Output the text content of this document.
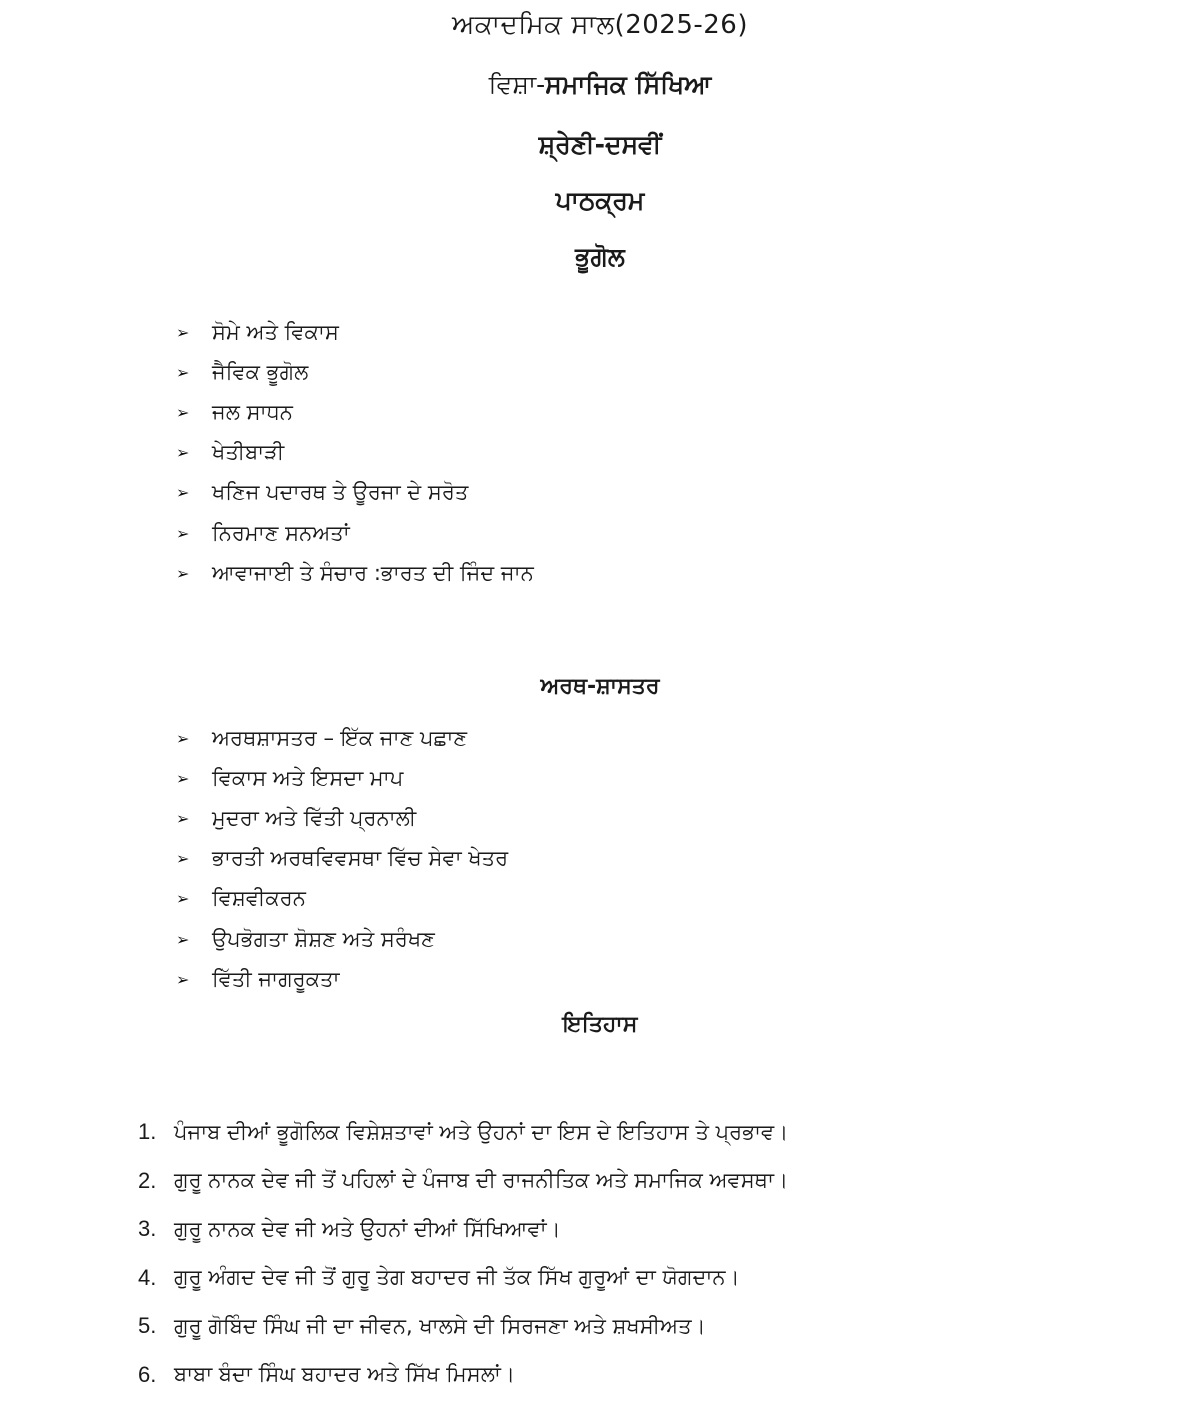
ਅਕਾਦਮਿਕ ਸਾਲ(2025-26)
ਵਿਸ਼ਾ-ਸਮਾਜਿਕ ਸਿੱਖਿਆ
ਸ਼੍ਰੇਣੀ-ਦਸਵੀਂ
ਪਾਠਕ੍ਰਮ
ਭੂਗੋਲ
➢	ਸੋਮੇ ਅਤੇ ਵਿਕਾਸ
➢	ਜੈਵਿਕ ਭੂਗੋਲ
➢	ਜਲ ਸਾਧਨ
➢	ਖੇਤੀਬਾੜੀ
➢	ਖਣਿਜ ਪਦਾਰਥ ਤੇ ਊਰਜਾ ਦੇ ਸਰੋਤ
➢	ਨਿਰਮਾਣ ਸਨਅਤਾਂ
➢	ਆਵਾਜਾਈ ਤੇ ਸੰਚਾਰ :ਭਾਰਤ ਦੀ ਜਿੰਦ ਜਾਨ
ਅਰਥ-ਸ਼ਾਸਤਰ
➢	ਅਰਥਸ਼ਾਸਤਰ – ਇੱਕ ਜਾਣ ਪਛਾਣ
➢	ਵਿਕਾਸ ਅਤੇ ਇਸਦਾ ਮਾਪ
➢	ਮੁਦਰਾ ਅਤੇ ਵਿੱਤੀ ਪ੍ਰਨਾਲੀ
➢	ਭਾਰਤੀ ਅਰਥਵਿਵਸਥਾ ਵਿੱਚ ਸੇਵਾ ਖੇਤਰ
➢	ਵਿਸ਼ਵੀਕਰਨ
➢	ਉਪਭੋਗਤਾ ਸ਼ੋਸ਼ਣ ਅਤੇ ਸਰੰਖਣ
➢	ਵਿੱਤੀ ਜਾਗਰੂਕਤਾ
ਇਤਿਹਾਸ
1. ਪੰਜਾਬ ਦੀਆਂ ਭੂਗੋਲਿਕ ਵਿਸ਼ੇਸ਼ਤਾਵਾਂ ਅਤੇ ਉਹਨਾਂ ਦਾ ਇਸ ਦੇ ਇਤਿਹਾਸ ਤੇ ਪ੍ਰਭਾਵ।
2. ਗੁਰੂ ਨਾਨਕ ਦੇਵ ਜੀ ਤੋਂ ਪਹਿਲਾਂ ਦੇ ਪੰਜਾਬ ਦੀ ਰਾਜਨੀਤਿਕ ਅਤੇ ਸਮਾਜਿਕ ਅਵਸਥਾ।
3. ਗੁਰੂ ਨਾਨਕ ਦੇਵ ਜੀ ਅਤੇ ਉਹਨਾਂ ਦੀਆਂ ਸਿੱਖਿਆਵਾਂ।
4. ਗੁਰੂ ਅੰਗਦ ਦੇਵ ਜੀ ਤੋਂ ਗੁਰੂ ਤੇਗ ਬਹਾਦਰ ਜੀ ਤੱਕ ਸਿੱਖ ਗੁਰੂਆਂ ਦਾ ਯੋਗਦਾਨ।
5. ਗੁਰੂ ਗੋਬਿੰਦ ਸਿੰਘ ਜੀ ਦਾ ਜੀਵਨ, ਖਾਲਸੇ ਦੀ ਸਿਰਜਣਾ ਅਤੇ ਸ਼ਖਸੀਅਤ।
6. ਬਾਬਾ ਬੰਦਾ ਸਿੰਘ ਬਹਾਦਰ ਅਤੇ ਸਿੱਖ ਮਿਸਲਾਂ।
